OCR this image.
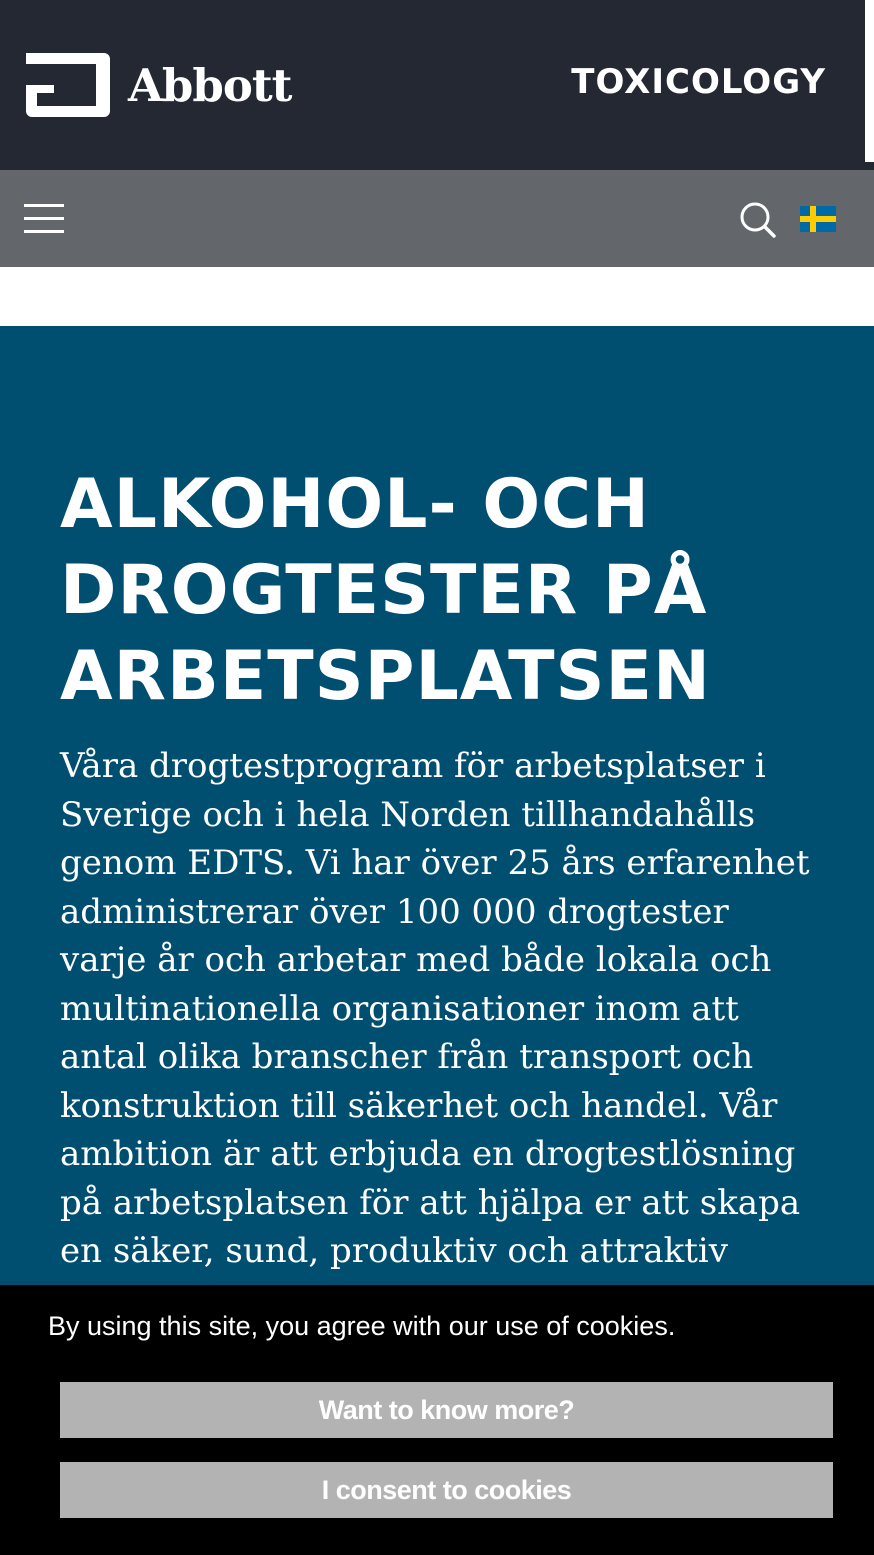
Abbott	TOXICOLOGY
ALKOHOL- OCH DROGTESTER PÅ ARBETSPLATSEN

Våra drogtestprogram för arbetsplatser i Sverige och i hela Norden tillhandahålls genom EDTS. Vi har över 25 års erfarenhet administrerar över 100 000 drogtester varje år och arbetar med både lokala och multinationella organisationer inom att antal olika branscher från transport och konstruktion till säkerhet och handel. Vår ambition är att erbjuda en drogtestlösning på arbetsplatsen för att hjälpa er att skapa en säker, sund, produktiv och attraktiv

By using this site, you agree with our use of cookies.
Want to know more?
I consent to cookies
